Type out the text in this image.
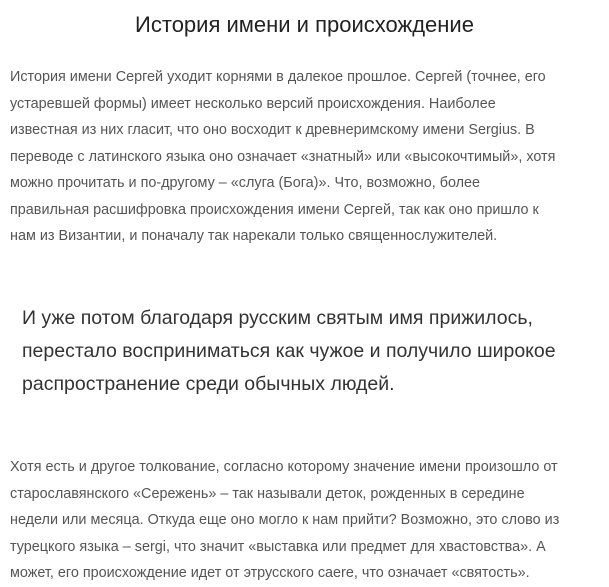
История имени и происхождение

История имени Сергей уходит корнями в далекое прошлое. Сергей (точнее, его устаревшей формы) имеет несколько версий происхождения. Наиболее известная из них гласит, что оно восходит к древнеримскому имени Sergius. В переводе с латинского языка оно означает «знатный» или «высокочтимый», хотя можно прочитать и по-другому – «слуга (Бога)». Что, возможно, более правильная расшифровка происхождения имени Сергей, так как оно пришло к нам из Византии, и поначалу так нарекали только священнослужителей.

И уже потом благодаря русским святым имя прижилось, перестало восприниматься как чужое и получило широкое распространение среди обычных людей.

Хотя есть и другое толкование, согласно которому значение имени произошло от старославянского «Сережень» – так называли деток, рожденных в середине недели или месяца. Откуда еще оно могло к нам прийти? Возможно, это слово из турецкого языка – sergi, что значит «выставка или предмет для хвастовства». А может, его происхождение идет от этрусского caere, что означает «святость».
